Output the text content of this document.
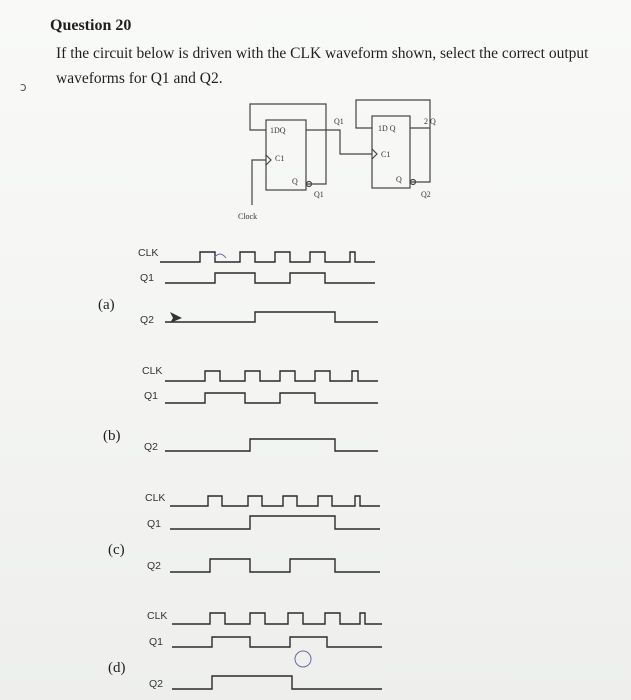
Question 20
If the circuit below is driven with the CLK waveform shown, select the correct output
waveforms for Q1 and Q2.
ↄ
1DQ
C1
Q
Q1
Q1
1D Q
C1
Q
2 Q
Q2
Clock
(a)
(b)
(c)
(d)
CLK
Q1
Q2
CLK
Q1
Q2
CLK
Q1
Q2
CLK
Q1
Q2
